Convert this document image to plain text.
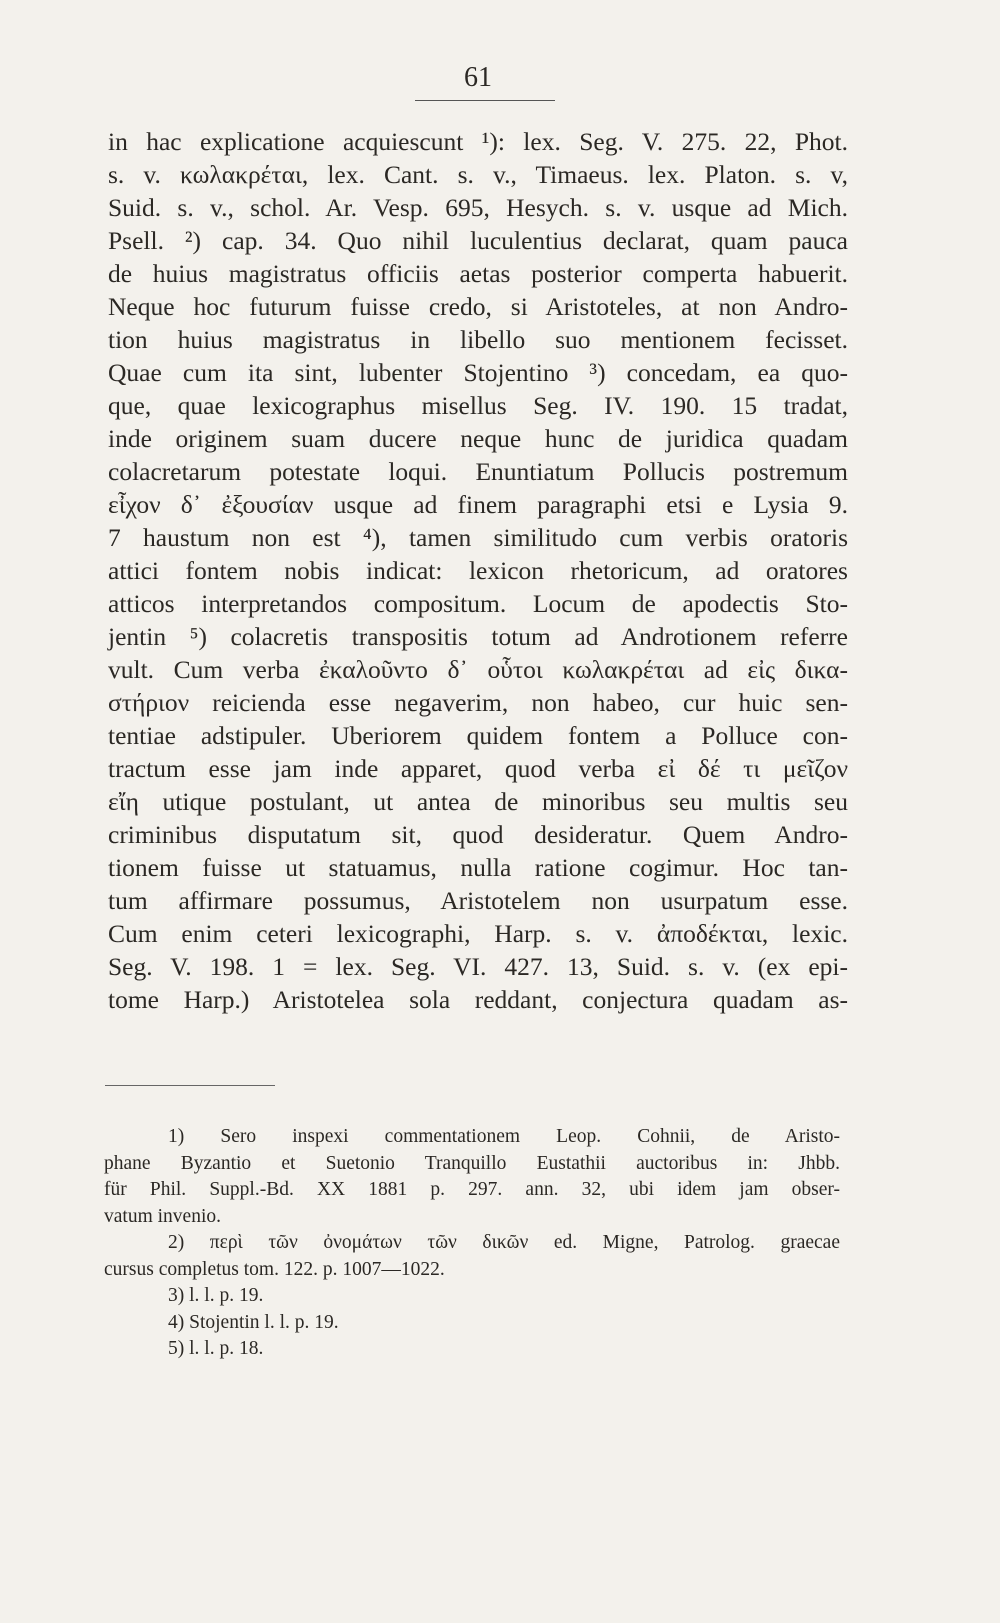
61
in hac explicatione acquiescunt ¹): lex. Seg. V. 275. 22, Phot.
s. v. κωλακρέται, lex. Cant. s. v., Timaeus. lex. Platon. s. v,
Suid. s. v., schol. Ar. Vesp. 695, Hesych. s. v. usque ad Mich.
Psell. ²) cap. 34. Quo nihil luculentius declarat, quam pauca
de huius magistratus officiis aetas posterior comperta habuerit.
Neque hoc futurum fuisse credo, si Aristoteles, at non Andro-
tion huius magistratus in libello suo mentionem fecisset.
Quae cum ita sint, lubenter Stojentino ³) concedam, ea quo-
que, quae lexicographus misellus Seg. IV. 190. 15 tradat,
inde originem suam ducere neque hunc de juridica quadam
colacretarum potestate loqui. Enuntiatum Pollucis postremum
εἶχον δ᾽ ἐξουσίαν usque ad finem paragraphi etsi e Lysia 9.
7 haustum non est ⁴), tamen similitudo cum verbis oratoris
attici fontem nobis indicat: lexicon rhetoricum, ad oratores
atticos interpretandos compositum. Locum de apodectis Sto-
jentin ⁵) colacretis transpositis totum ad Androtionem referre
vult. Cum verba ἐκαλοῦντο δ᾽ οὗτοι κωλακρέται ad εἰς δικα-
στήριον reicienda esse negaverim, non habeo, cur huic sen-
tentiae adstipuler. Uberiorem quidem fontem a Polluce con-
tractum esse jam inde apparet, quod verba εἰ δέ τι μεῖζον
εἴη utique postulant, ut antea de minoribus seu multis seu
criminibus disputatum sit, quod desideratur. Quem Andro-
tionem fuisse ut statuamus, nulla ratione cogimur. Hoc tan-
tum affirmare possumus, Aristotelem non usurpatum esse.
Cum enim ceteri lexicographi, Harp. s. v. ἀποδέκται, lexic.
Seg. V. 198. 1 = lex. Seg. VI. 427. 13, Suid. s. v. (ex epi-
tome Harp.) Aristotelea sola reddant, conjectura quadam as-
1) Sero inspexi commentationem Leop. Cohnii, de Aristo-
phane Byzantio et Suetonio Tranquillo Eustathii auctoribus in: Jhbb.
für Phil. Suppl.-Bd. XX 1881 p. 297. ann. 32, ubi idem jam obser-
vatum invenio.
2) περὶ τῶν ὀνομάτων τῶν δικῶν ed. Migne, Patrolog. graecae
cursus completus tom. 122. p. 1007—1022.
3) l. l. p. 19.
4) Stojentin l. l. p. 19.
5) l. l. p. 18.
